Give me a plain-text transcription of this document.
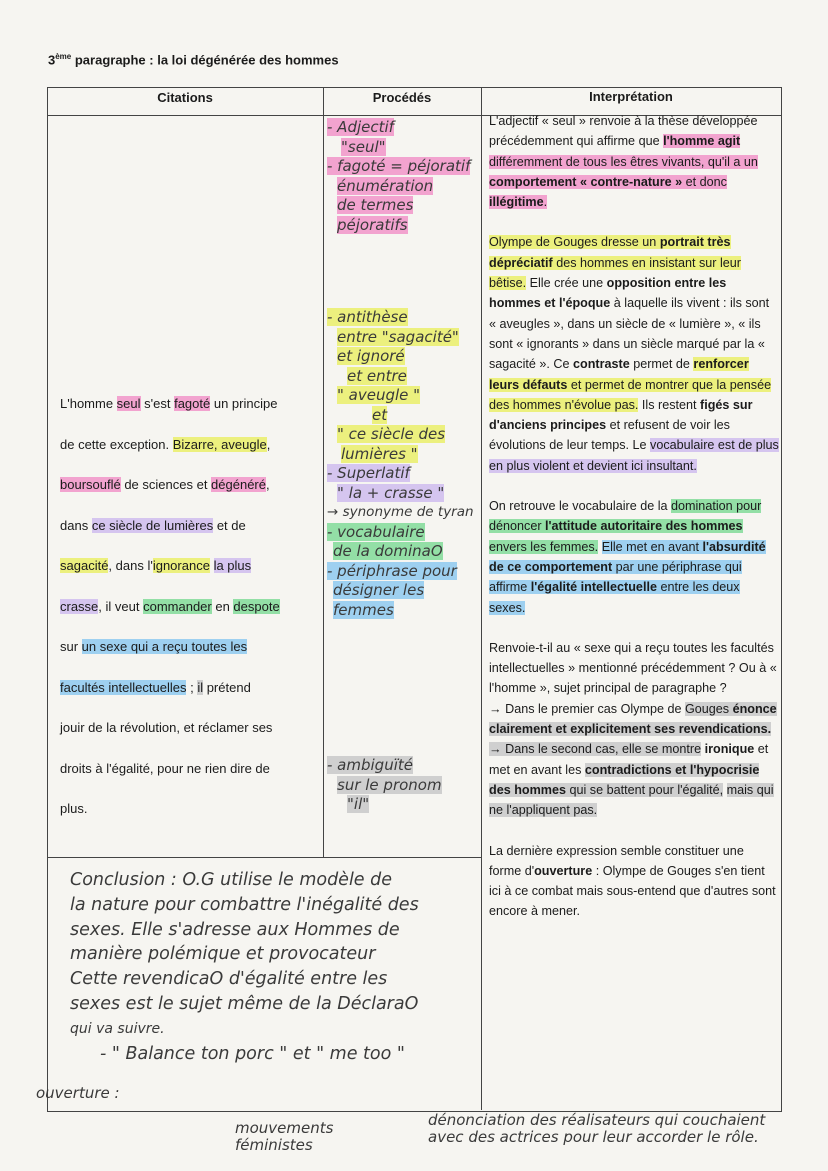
3ème paragraphe : la loi dégénérée des hommes
Citations	Procédés	Interprétation
L'homme seul s'est fagoté un principe
de cette exception. Bizarre, aveugle,
boursouflé de sciences et dégénéré,
dans ce siècle de lumières et de
sagacité, dans l'ignorance la plus
crasse, il veut commander en despote
sur un sexe qui a reçu toutes les
facultés intellectuelles ; il prétend
jouir de la révolution, et réclamer ses
droits à l'égalité, pour ne rien dire de
plus.
- Adjectif
"seul"
- fagoté = péjoratif
énumération
de termes
péjoratifs
- antithèse
entre "sagacité"
et ignoré
et entre
" aveugle "
et
" ce siècle des
lumières "
- Superlatif
" la + crasse "
→ synonyme de tyran
- vocabulaire
de la dominaO
- périphrase pour
désigner les
femmes
- ambiguïté
sur le pronom
"il"

L'adjectif « seul » renvoie à la thèse développée précédemment qui affirme que l'homme agit différemment de tous les êtres vivants, qu'il a un comportement « contre-nature » et donc illégitime.

Olympe de Gouges dresse un portrait très dépréciatif des hommes en insistant sur leur bêtise. Elle crée une opposition entre les hommes et l'époque à laquelle ils vivent : ils sont « aveugles », dans un siècle de « lumière », « ils sont « ignorants » dans un siècle marqué par la « sagacité ». Ce contraste permet de renforcer leurs défauts et permet de montrer que la pensée des hommes n'évolue pas. Ils restent figés sur d'anciens principes et refusent de voir les évolutions de leur temps. Le vocabulaire est de plus en plus violent et devient ici insultant.

On retrouve le vocabulaire de la domination pour dénoncer l'attitude autoritaire des hommes envers les femmes. Elle met en avant l'absurdité de ce comportement par une périphrase qui affirme l'égalité intellectuelle entre les deux sexes.

Renvoie-t-il au « sexe qui a reçu toutes les facultés intellectuelles » mentionné précédemment ? Ou à « l'homme », sujet principal de paragraphe ?

→ Dans le premier cas Olympe de Gouges énonce clairement et explicitement ses revendications.

→ Dans le second cas, elle se montre ironique et met en avant les contradictions et l'hypocrisie des hommes qui se battent pour l'égalité, mais qui ne l'appliquent pas.

La dernière expression semble constituer une forme d'ouverture : Olympe de Gouges s'en tient ici à ce combat mais sous-entend que d'autres sont encore à mener.

Conclusion : O.G utilise le modèle de
la nature pour combattre l'inégalité des
sexes. Elle s'adresse aux Hommes de
manière polémique et provocateur
Cette revendicaO d'égalité entre les
sexes est le sujet même de la DéclaraO
qui va suivre.
- " Balance ton porc " et " me too "
ouverture :
mouvements féministes
dénonciation des réalisateurs qui couchaient avec des actrices pour leur accorder le rôle.
